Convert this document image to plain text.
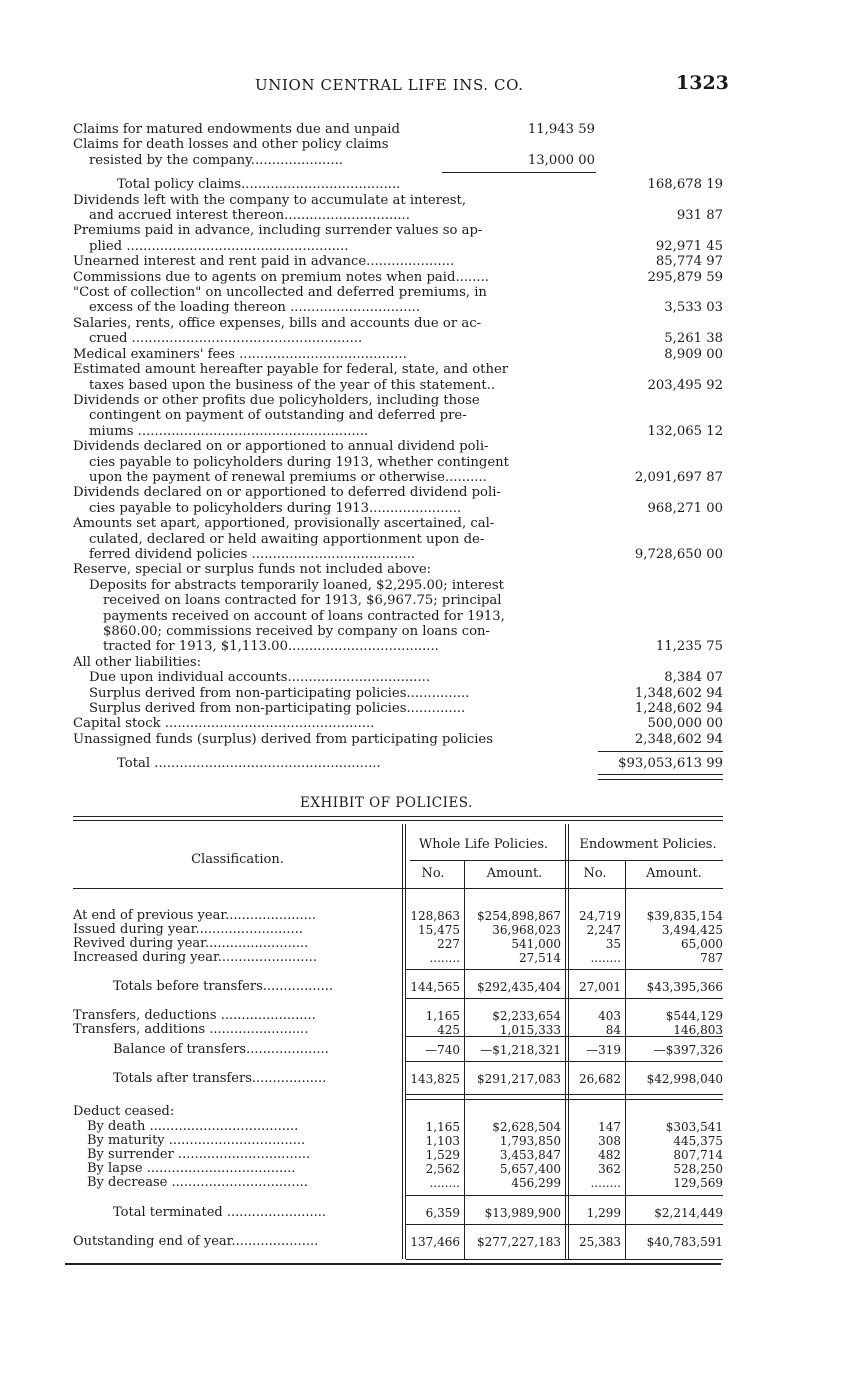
UNION CENTRAL LIFE INS. CO.	1323
Claims for matured endowments due and unpaid	11,943 59
Claims for death losses and other policy claims
resisted by the company......................	13,000 00
Total policy claims......................................	168,678 19
Dividends left with the company to accumulate at interest,
and accrued interest thereon..............................	931 87
Premiums paid in advance, including surrender values so ap-
plied .....................................................	92,971 45
Unearned interest and rent paid in advance.....................	85,774 97
Commissions due to agents on premium notes when paid........	295,879 59
"Cost of collection" on uncollected and deferred premiums, in
excess of the loading thereon ...............................	3,533 03
Salaries, rents, office expenses, bills and accounts due or ac-
crued .......................................................	5,261 38
Medical examiners' fees ........................................	8,909 00
Estimated amount hereafter payable for federal, state, and other
taxes based upon the business of the year of this statement..	203,495 92
Dividends or other profits due policyholders, including those
contingent on payment of outstanding and deferred pre-
miums .......................................................	132,065 12
Dividends declared on or apportioned to annual dividend poli-
cies payable to policyholders during 1913, whether contingent
upon the payment of renewal premiums or otherwise..........	2,091,697 87
Dividends declared on or apportioned to deferred dividend poli-
cies payable to policyholders during 1913......................	968,271 00
Amounts set apart, apportioned, provisionally ascertained, cal-
culated, declared or held awaiting apportionment upon de-
ferred dividend policies .......................................	9,728,650 00
Reserve, special or surplus funds not included above:
Deposits for abstracts temporarily loaned, $2,295.00; interest
received on loans contracted for 1913, $6,967.75; principal
payments received on account of loans contracted for 1913,
$860.00; commissions received by company on loans con-
tracted for 1913, $1,113.00....................................	11,235 75
All other liabilities:
Due upon individual accounts..................................	8,384 07
Surplus derived from non-participating policies...............	1,348,602 94
Surplus derived from non-participating policies..............	1,248,602 94
Capital stock ..................................................	500,000 00
Unassigned funds (surplus) derived from participating policies	2,348,602 94
Total ......................................................	$93,053,613 99
EXHIBIT OF POLICIES.
Classification.
Whole Life Policies.	Endowment Policies.
No.	Amount.	No.	Amount.
At end of previous year......................	128,863	$254,898,867	24,719	$39,835,154
Issued during year..........................	15,475	36,968,023	2,247	3,494,425
Revived during year.........................	227	541,000	35	65,000
Increased during year........................	........	27,514	........	787
Totals before transfers.................	144,565	$292,435,404	27,001	$43,395,366
Transfers, deductions .......................	1,165	$2,233,654	403	$544,129
Transfers, additions ........................	425	1,015,333	84	146,803
Balance of transfers....................	—740	—$1,218,321	—319	—$397,326
Totals after transfers..................	143,825	$291,217,083	26,682	$42,998,040
Deduct ceased:
By death ....................................	1,165	$2,628,504	147	$303,541
By maturity .................................	1,103	1,793,850	308	445,375
By surrender ................................	1,529	3,453,847	482	807,714
By lapse ....................................	2,562	5,657,400	362	528,250
By decrease .................................	........	456,299	........	129,569
Total terminated ........................	6,359	$13,989,900	1,299	$2,214,449
Outstanding end of year.....................	137,466	$277,227,183	25,383	$40,783,591
